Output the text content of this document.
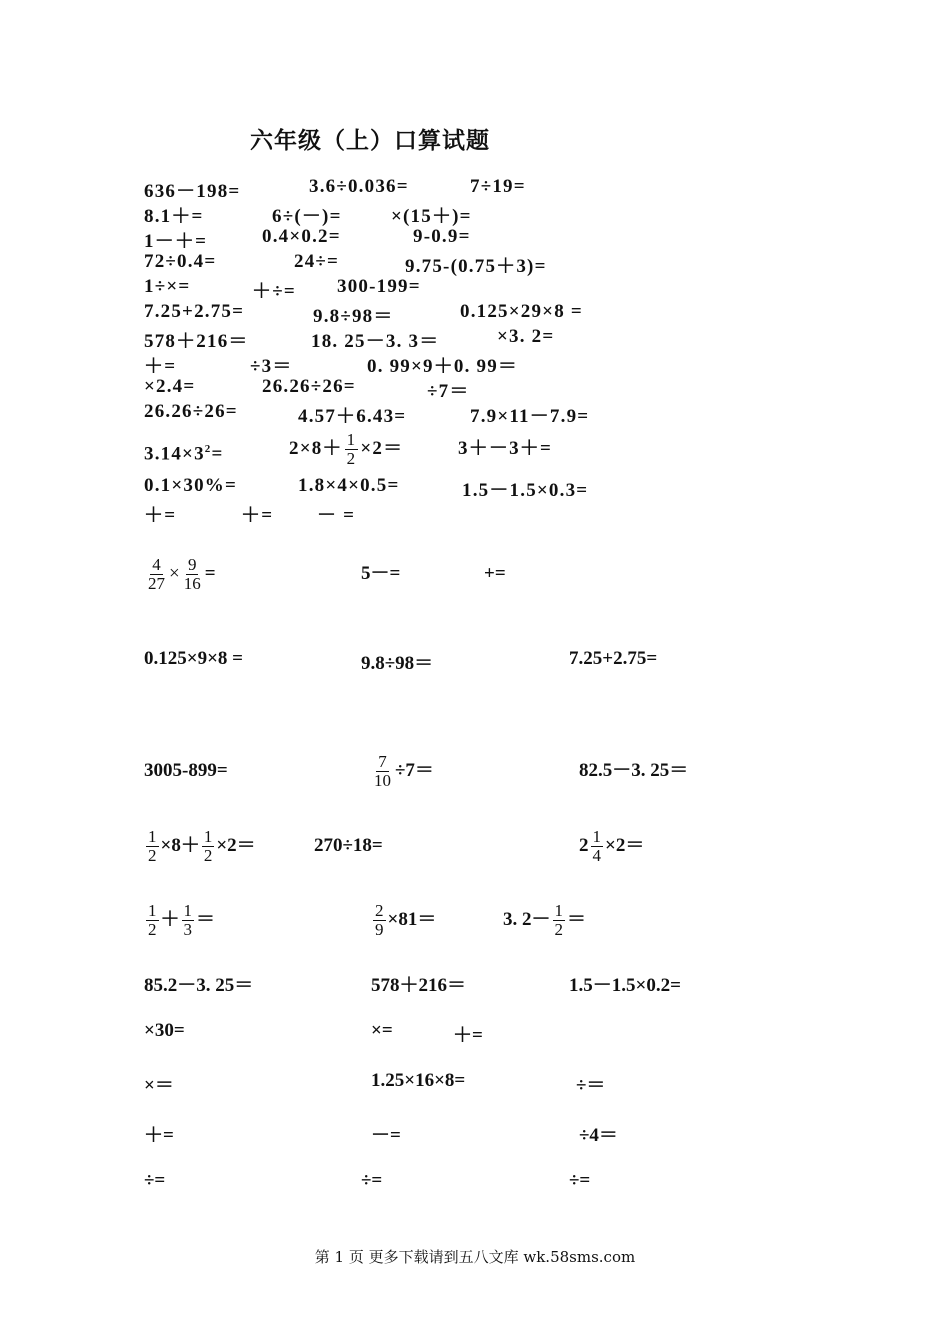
六年级（上）口算试题
636－198=	3.6÷0.036=	7÷19=
8.1＋=	6÷(－)=	×(15＋)=
1－＋=	0.4×0.2=	9-0.9=
72÷0.4=	24÷=	9.75-(0.75＋3)=
1÷×=	＋÷= 300-199=
7.25+2.75=	9.8÷98＝	0.125×29×8 =
578＋216＝	18. 25－3. 3＝	×3. 2=
＋=	÷3＝	0. 99×9＋0. 99＝
×2.4=	26.26÷26=	÷7＝
26.26÷26=	4.57＋6.43=	7.9×11－7.9=
$3.14\times 3^2=$	$2\times 8+ \frac{1}{2} \times 2=$	3＋－3＋=
0.1×30%=	1.8×4×0.5=	1.5－1.5×0.3=
＋=	＋= － =
$\frac{4}{27} \times \frac{9}{16}$ =	5－=	+=
0.125×9×8 =	9.8÷98＝	7.25+2.75=
3005-899=	$\frac{7}{10} \div 7=$	82.5－3. 25＝
$\frac{1}{2} \times 8+ \frac{1}{2} \times 2=$	270÷18=	$2 \frac{1}{4} \times 2=$
$\frac{1}{2} + \frac{1}{3}$ ＝	$\frac{2}{9} \times 81=$	3. $2- \frac{1}{2}$ ＝
85.2－3. 25＝	578＋216＝	1.5－1.5×0.2=
×30=	×=	＋=
×＝	1.25×16×8=	÷＝
＋=	－=	÷4＝
÷=	÷=	÷=
第 1 页 更多下载请到五八文库 wk.58sms.com
